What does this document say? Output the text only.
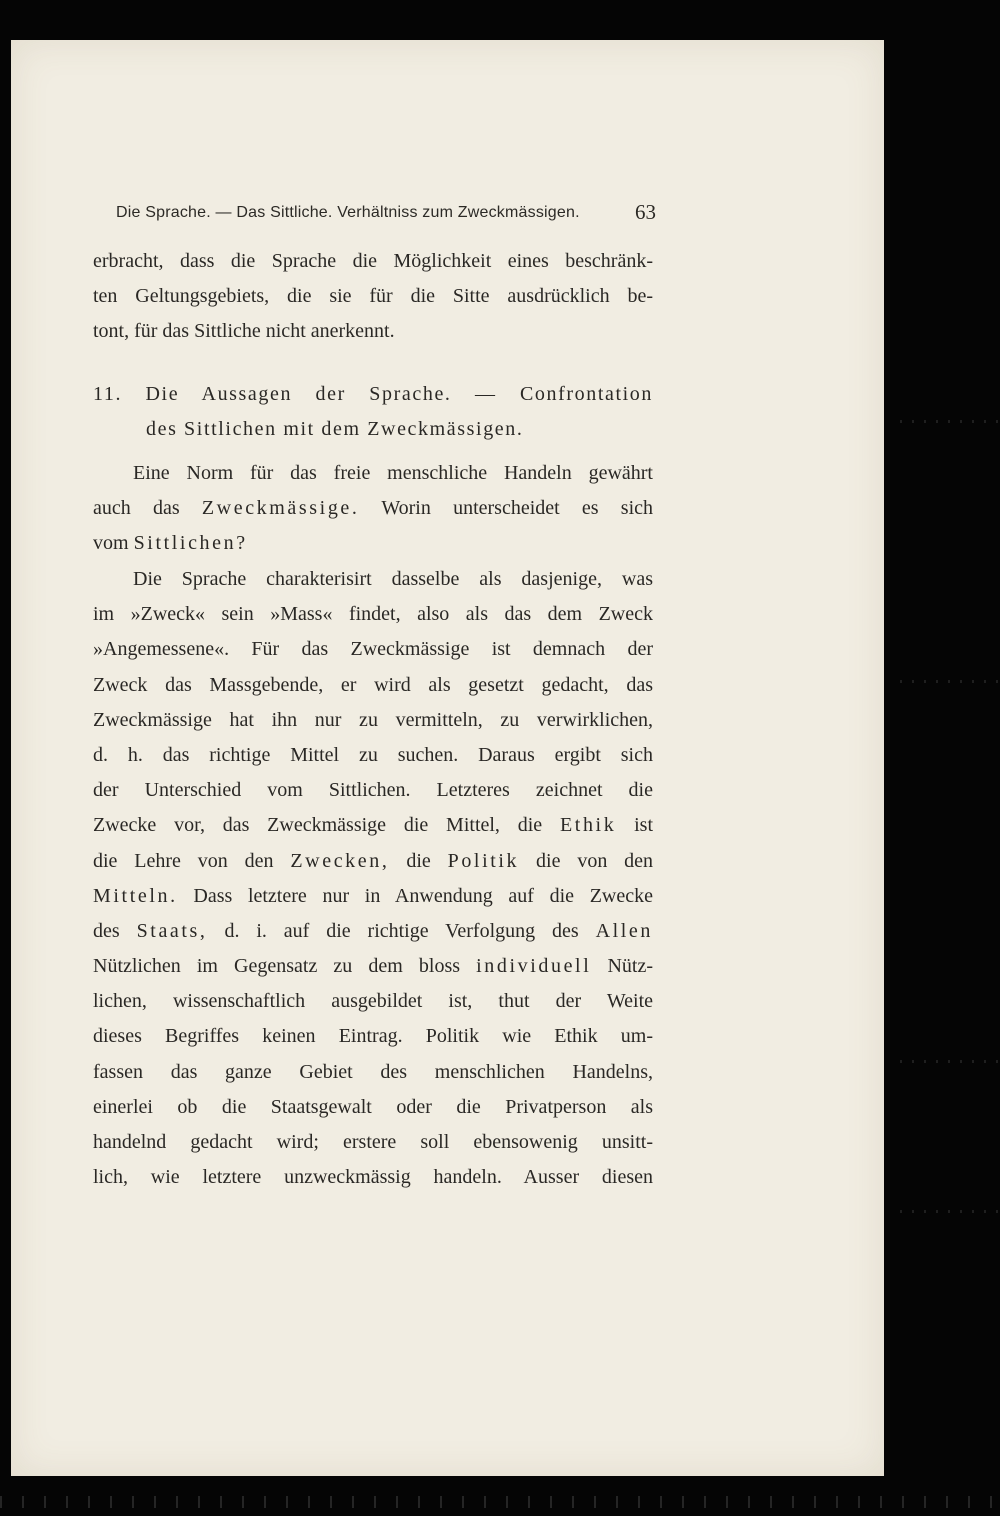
Die Sprache. — Das Sittliche. Verhältniss zum Zweckmässigen.	63
erbracht, dass die Sprache die Möglichkeit eines beschränk-
ten Geltungsgebiets, die sie für die Sitte ausdrücklich be-
tont, für das Sittliche nicht anerkennt.
11. Die Aussagen der Sprache. — Confrontation
des Sittlichen mit dem Zweckmässigen.
Eine Norm für das freie menschliche Handeln gewährt
auch das Zweckmässige. Worin unterscheidet es sich
vom Sittlichen?
Die Sprache charakterisirt dasselbe als dasjenige, was
im »Zweck« sein »Mass« findet, also als das dem Zweck
»Angemessene«. Für das Zweckmässige ist demnach der
Zweck das Massgebende, er wird als gesetzt gedacht, das
Zweckmässige hat ihn nur zu vermitteln, zu verwirklichen,
d. h. das richtige Mittel zu suchen. Daraus ergibt sich
der Unterschied vom Sittlichen. Letzteres zeichnet die
Zwecke vor, das Zweckmässige die Mittel, die Ethik ist
die Lehre von den Zwecken, die Politik die von den
Mitteln. Dass letztere nur in Anwendung auf die Zwecke
des Staats, d. i. auf die richtige Verfolgung des Allen
Nützlichen im Gegensatz zu dem bloss individuell Nütz-
lichen, wissenschaftlich ausgebildet ist, thut der Weite
dieses Begriffes keinen Eintrag. Politik wie Ethik um-
fassen das ganze Gebiet des menschlichen Handelns,
einerlei ob die Staatsgewalt oder die Privatperson als
handelnd gedacht wird; erstere soll ebensowenig unsitt-
lich, wie letztere unzweckmässig handeln. Ausser diesen
